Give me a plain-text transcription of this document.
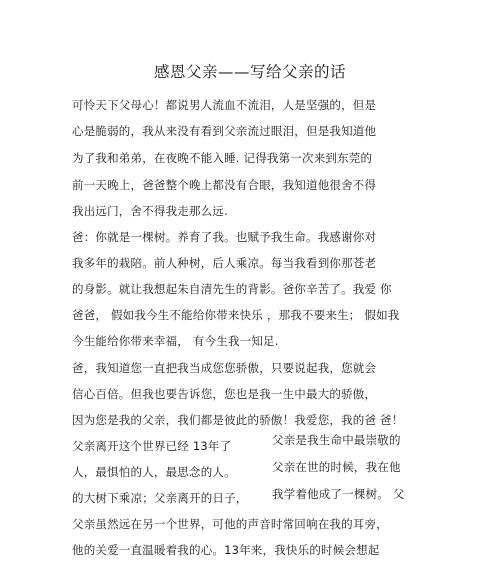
感恩父亲——写给父亲的话
可怜天下父母心！都说男人流血不流泪，人是坚强的，但是
心是脆弱的，我从来没有看到父亲流过眼泪，但是我知道他
为了我和弟弟，在夜晚不能入睡. 记得我第一次来到东莞的
前一天晚上，爸爸整个晚上都没有合眼，我知道他很舍不得
我出远门，舍不得我走那么远.
爸：你就是一棵树。养育了我。也赋予我生命。我感谢你对
我多年的栽陪。前人种树，后人乘凉。每当我看到你那苍老
的身影。就让我想起朱自清先生的背影。爸你辛苦了。我爱 你
爸爸， 假如我今生不能给你带来快乐 ，那我不要来生； 假如我
今生能给你带来幸福， 有今生我一知足.
爸，我知道您一直把我当成您您骄傲，只要说起我，您就会
信心百倍。但我也要告诉您，您也是我一生中最大的骄傲，
因为您是我的父亲，我们都是彼此的骄傲！我爱您，我的爸 爸！
父亲离开这个世界已经 13年了
人，最惧怕的人，最思念的人。
的大树下乘凉；父亲离开的日子，
父亲是我生命中最崇敬的
父亲在世的时候，我在他
我学着他成了一棵树。 父
父亲虽然远在另一个世界，可他的声音时常回响在我的耳旁，
他的关爱一直温暖着我的心。13年来，我快乐的时候会想起
